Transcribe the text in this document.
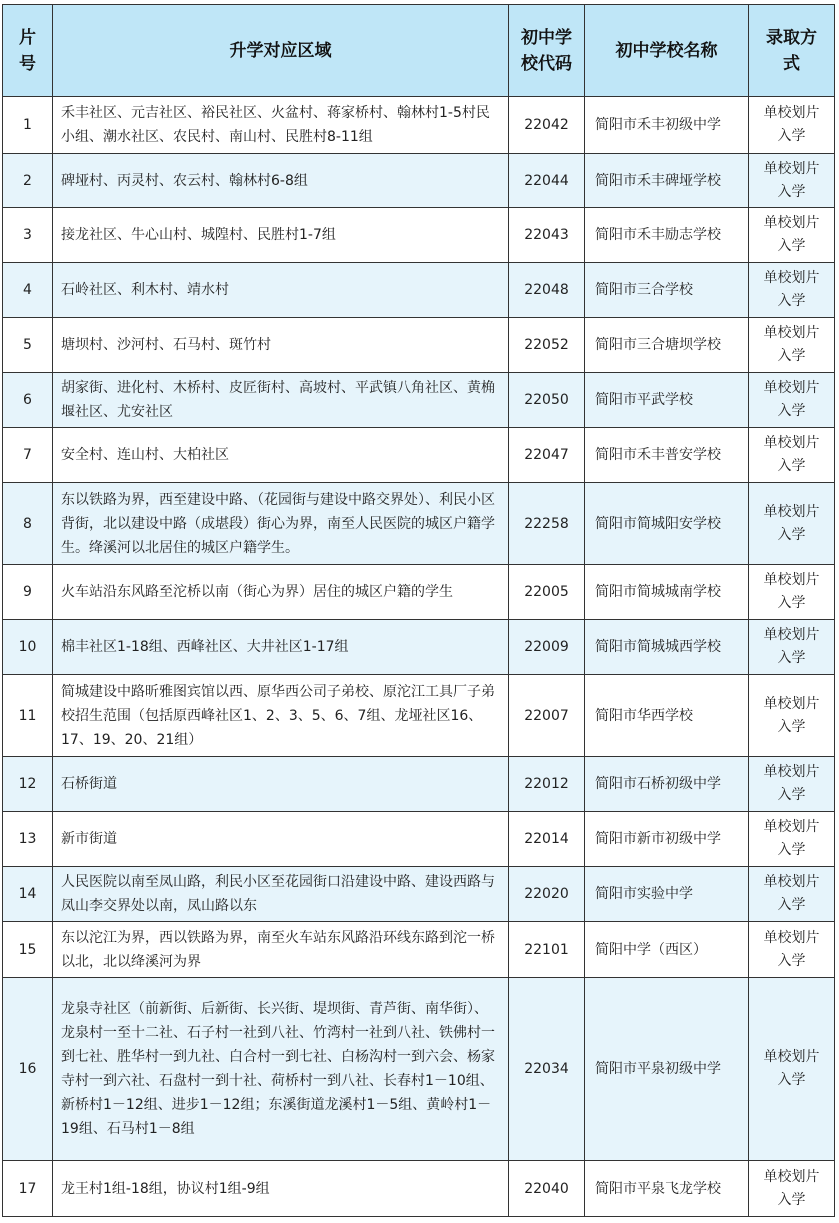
片号	升学对应区域	初中学校代码	初中学校名称	录取方式

1	禾丰社区、元吉社区、裕民社区、火盆村、蒋家桥村、翰林村1-5村民小组、潮水社区、农民村、南山村、民胜村8-11组	22042	简阳市禾丰初级中学	单校划片入学

2	碑垭村、丙灵村、农云村、翰林村6-8组	22044	简阳市禾丰碑垭学校	单校划片入学

3	接龙社区、牛心山村、城隍村、民胜村1-7组	22043	简阳市禾丰励志学校	单校划片入学

4	石岭社区、利木村、靖水村	22048	简阳市三合学校	单校划片入学

5	塘坝村、沙河村、石马村、斑竹村	22052	简阳市三合塘坝学校	单校划片入学

6	胡家街、进化村、木桥村、皮匠街村、高坡村、平武镇八角社区、黄桷堰社区、尤安社区	22050	简阳市平武学校	单校划片入学

7	安全村、连山村、大柏社区	22047	简阳市禾丰普安学校	单校划片入学

8	东以铁路为界，西至建设中路、（花园街与建设中路交界处）、利民小区背街，北以建设中路（成堪段）街心为界，南至人民医院的城区户籍学生。绛溪河以北居住的城区户籍学生。	22258	简阳市简城阳安学校	单校划片入学

9	火车站沿东风路至沱桥以南（街心为界）居住的城区户籍的学生	22005	简阳市简城城南学校	单校划片入学

10	棉丰社区1-18组、西峰社区、大井社区1-17组	22009	简阳市简城城西学校	单校划片入学

11	简城建设中路昕雅图宾馆以西、原华西公司子弟校、原沱江工具厂子弟校招生范围（包括原西峰社区1、2、3、5、6、7组、龙垭社区16、17、19、20、21组）	22007	简阳市华西学校	单校划片入学

12	石桥街道	22012	简阳市石桥初级中学	单校划片入学

13	新市街道	22014	简阳市新市初级中学	单校划片入学

14	人民医院以南至凤山路，利民小区至花园街口沿建设中路、建设西路与凤山李交界处以南，凤山路以东	22020	简阳市实验中学	单校划片入学

15	东以沱江为界，西以铁路为界，南至火车站东风路沿环线东路到沱一桥以北，北以绛溪河为界	22101	简阳中学（西区）	单校划片入学

16	龙泉寺社区（前新街、后新街、长兴街、堤坝街、青芦街、南华街）、龙泉村一至十二社、石子村一社到八社、竹湾村一社到八社、铁佛村一到七社、胜华村一到九社、白合村一到七社、白杨沟村一到六会、杨家寺村一到六社、石盘村一到十社、荷桥村一到八社、长春村1－10组、新桥村1－12组、进步1－12组；东溪街道龙溪村1－5组、黄岭村1－19组、石马村1－8组	22034	简阳市平泉初级中学	单校划片入学

17	龙王村1组-18组，协议村1组-9组	22040	简阳市平泉飞龙学校	单校划片入学
